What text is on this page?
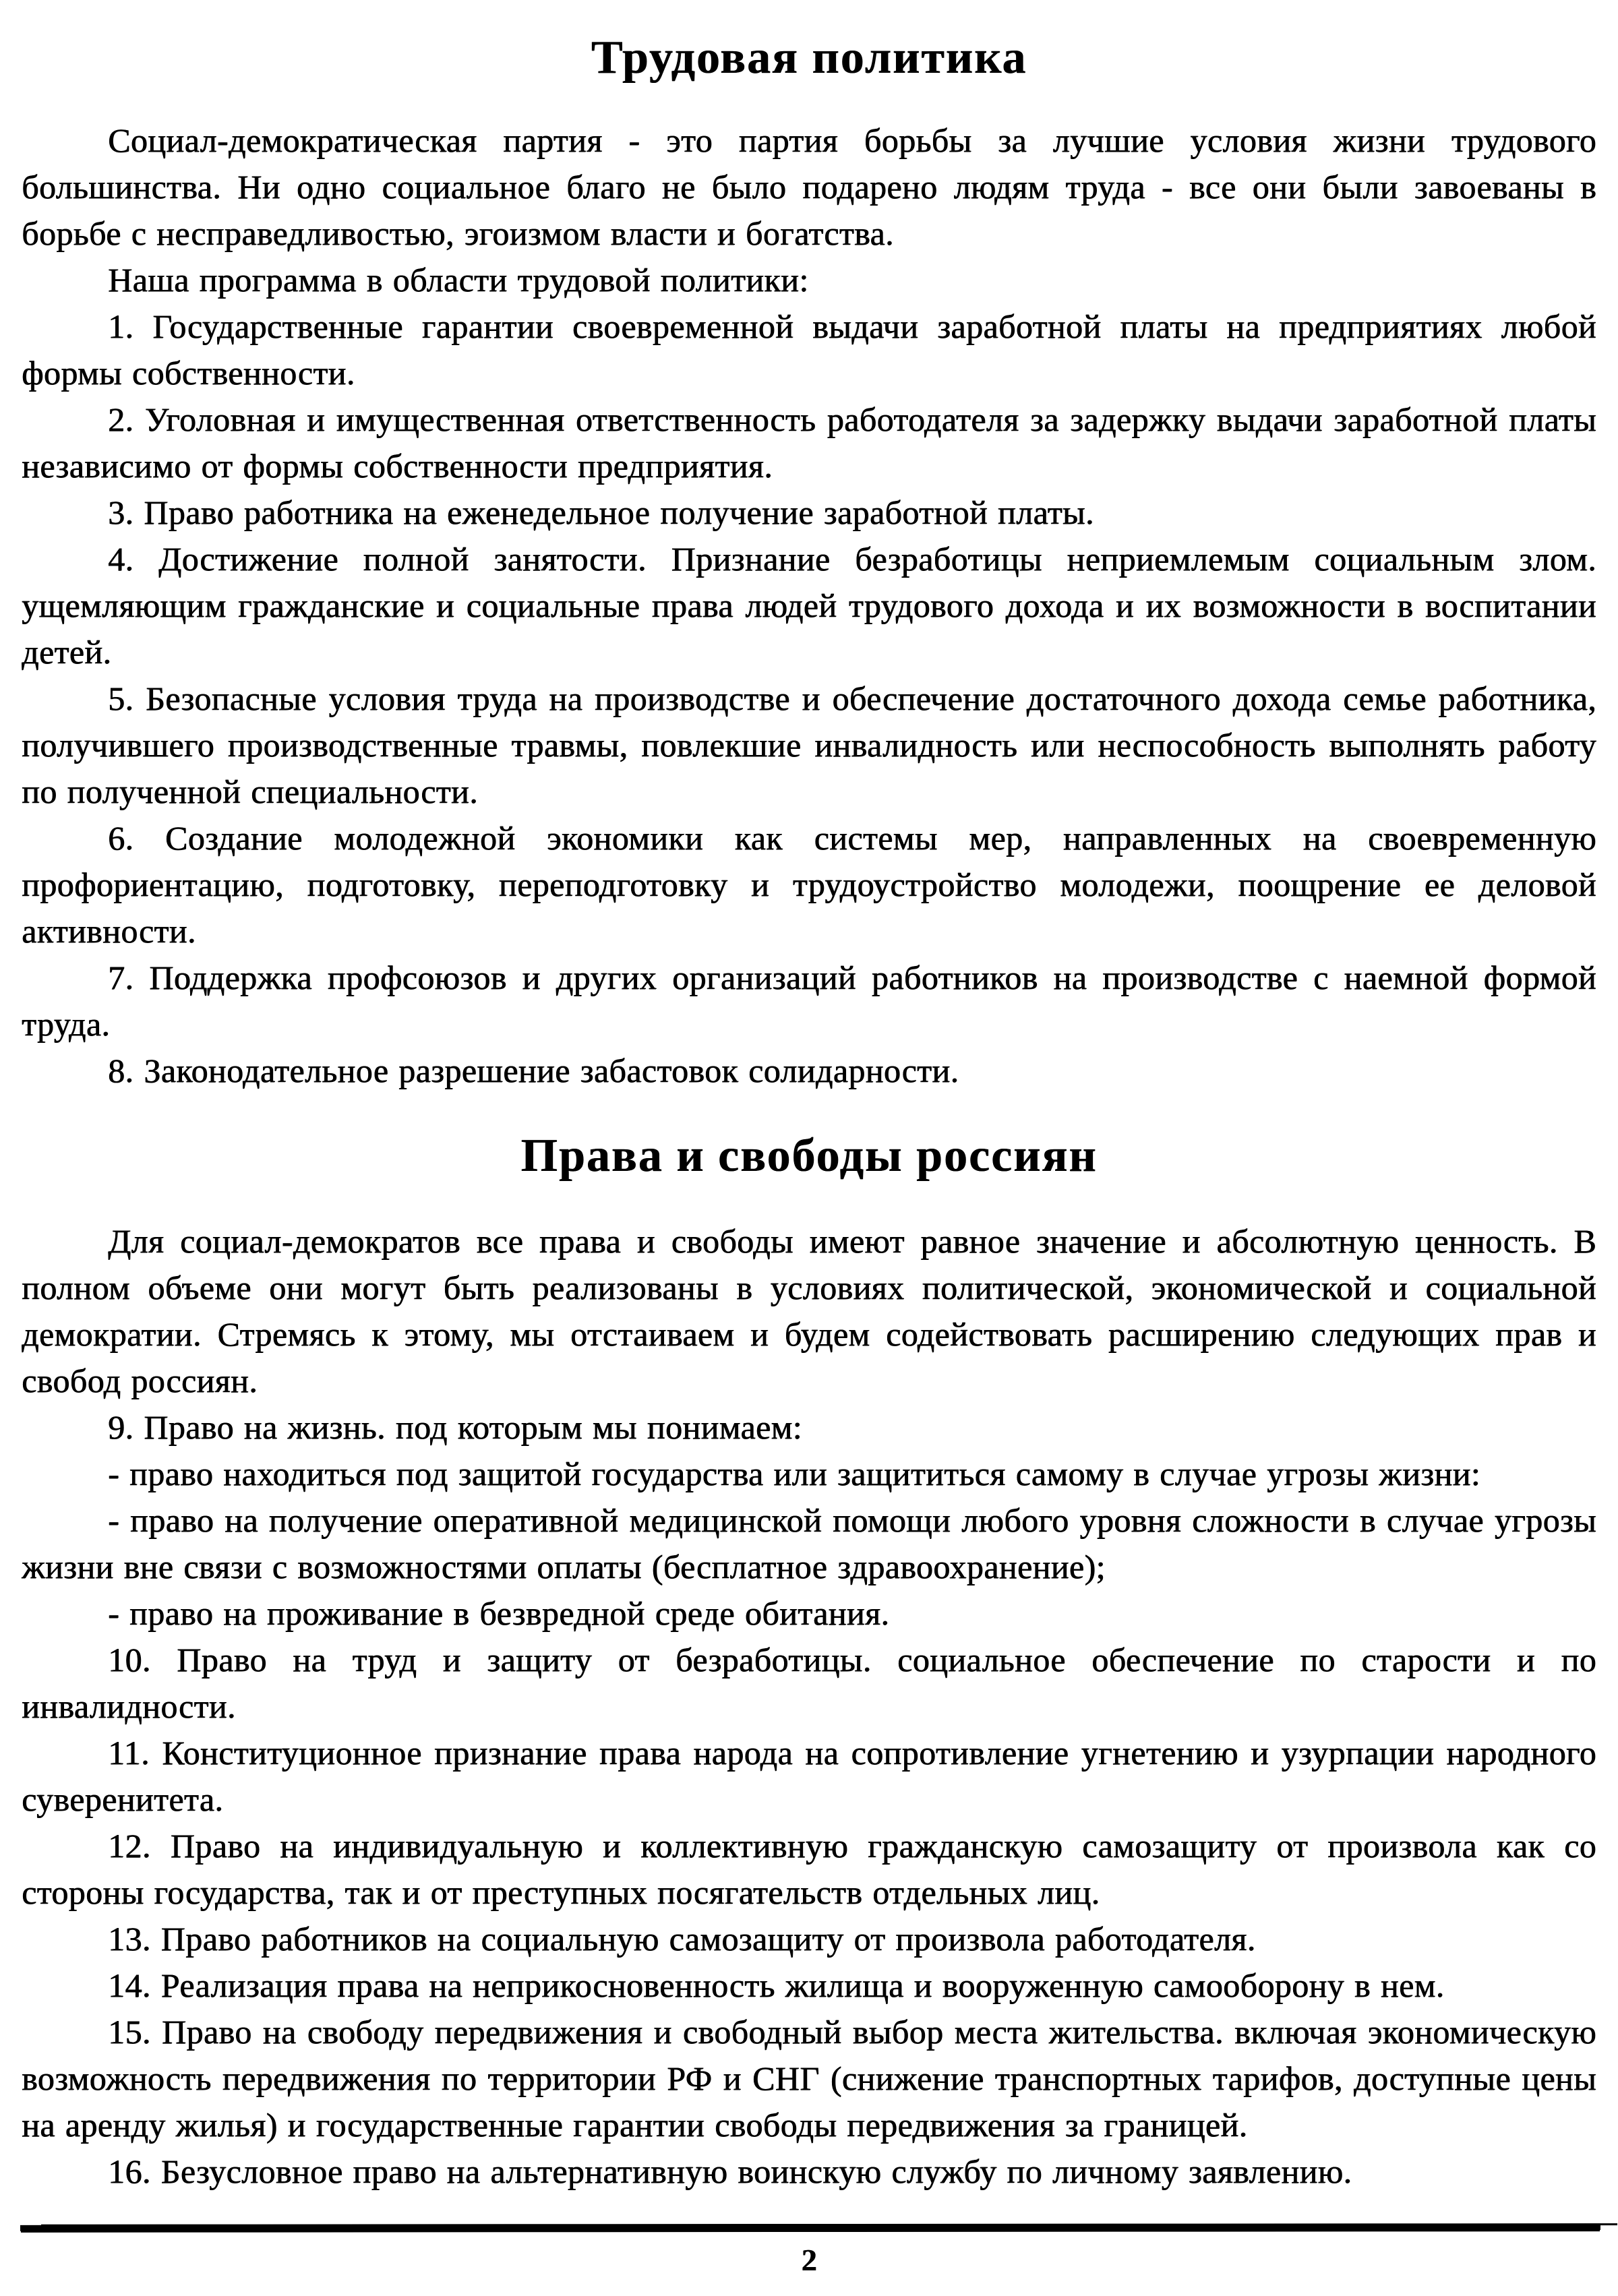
Трудовая политика

Социал-демократическая партия - это партия борьбы за лучшие условия жизни трудового большинства. Ни одно социальное благо не было подарено людям труда - все они были завоеваны в борьбе с несправедливостью, эгоизмом власти и богатства.

Наша программа в области трудовой политики:

1. Государственные гарантии своевременной выдачи заработной платы на предприятиях любой формы собственности.

2. Уголовная и имущественная ответственность работодателя за задержку выдачи заработной платы независимо от формы собственности предприятия.

3. Право работника на еженедельное получение заработной платы.

4. Достижение полной занятости. Признание безработицы неприемлемым социальным злом. ущемляющим гражданские и социальные права людей трудового дохода и их возможности в воспитании детей.

5. Безопасные условия труда на производстве и обеспечение достаточного дохода семье работника, получившего производственные травмы, повлекшие инвалидность или неспособность выполнять работу по полученной специальности.

6. Создание молодежной экономики как системы мер, направленных на своевременную профориентацию, подготовку, переподготовку и трудоустройство молодежи, поощрение ее деловой активности.

7. Поддержка профсоюзов и других организаций работников на производстве с наемной формой труда.

8. Законодательное разрешение забастовок солидарности.

Права и свободы россиян

Для социал-демократов все права и свободы имеют равное значение и абсолютную ценность. В полном объеме они могут быть реализованы в условиях политической, экономической и социальной демократии. Стремясь к этому, мы отстаиваем и будем содействовать расширению следующих прав и свобод россиян.

9. Право на жизнь. под которым мы понимаем:

- право находиться под защитой государства или защититься самому в случае угрозы жизни:

- право на получение оперативной медицинской помощи любого уровня сложности в случае угрозы жизни вне связи с возможностями оплаты (бесплатное здравоохранение);

- право на проживание в безвредной среде обитания.

10. Право на труд и защиту от безработицы. социальное обеспечение по старости и по инвалидности.

11. Конституционное признание права народа на сопротивление угнетению и узурпации народного суверенитета.

12. Право на индивидуальную и коллективную гражданскую самозащиту от произвола как со стороны государства, так и от преступных посягательств отдельных лиц.

13. Право работников на социальную самозащиту от произвола работодателя.

14. Реализация права на неприкосновенность жилища и вооруженную самооборону в нем.

15. Право на свободу передвижения и свободный выбор места жительства. включая экономическую возможность передвижения по территории РФ и СНГ (снижение транспортных тарифов, доступные цены на аренду жилья) и государственные гарантии свободы передвижения за границей.

16. Безусловное право на альтернативную воинскую службу по личному заявлению.

2
